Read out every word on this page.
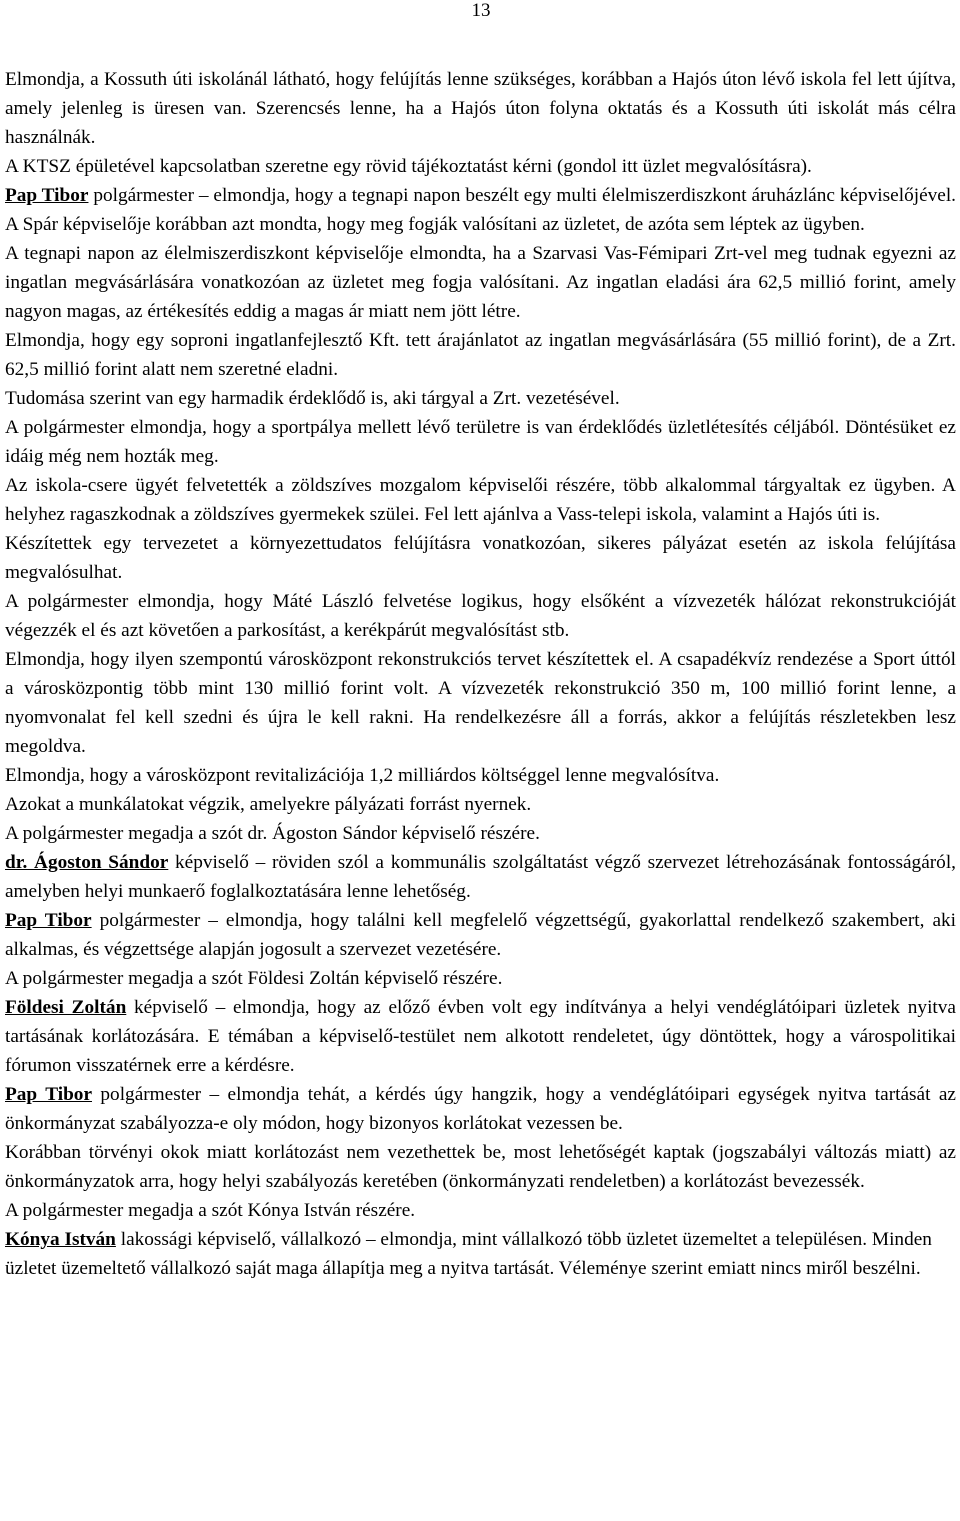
13

Elmondja, a Kossuth úti iskolánál látható, hogy felújítás lenne szükséges, korábban a Hajós úton lévő iskola fel lett újítva, amely jelenleg is üresen van. Szerencsés lenne, ha a Hajós úton folyna oktatás és a Kossuth úti iskolát más célra használnák.

A KTSZ épületével kapcsolatban szeretne egy rövid tájékoztatást kérni (gondol itt üzlet megvalósításra).

Pap Tibor polgármester – elmondja, hogy a tegnapi napon beszélt egy multi élelmiszerdiszkont áruházlánc képviselőjével. A Spár képviselője korábban azt mondta, hogy meg fogják valósítani az üzletet, de azóta sem léptek az ügyben.

A tegnapi napon az élelmiszerdiszkont képviselője elmondta, ha a Szarvasi Vas-Fémipari Zrt-vel meg tudnak egyezni az ingatlan megvásárlására vonatkozóan az üzletet meg fogja valósítani. Az ingatlan eladási ára 62,5 millió forint, amely nagyon magas, az értékesítés eddig a magas ár miatt nem jött létre.

Elmondja, hogy egy soproni ingatlanfejlesztő Kft. tett árajánlatot az ingatlan megvásárlására (55 millió forint), de a Zrt. 62,5 millió forint alatt nem szeretné eladni.

Tudomása szerint van egy harmadik érdeklődő is, aki tárgyal a Zrt. vezetésével.

A polgármester elmondja, hogy a sportpálya mellett lévő területre is van érdeklődés üzletlétesítés céljából. Döntésüket ez idáig még nem hozták meg.

Az iskola-csere ügyét felvetették a zöldszíves mozgalom képviselői részére, több alkalommal tárgyaltak ez ügyben. A helyhez ragaszkodnak a zöldszíves gyermekek szülei. Fel lett ajánlva a Vass-telepi iskola, valamint a Hajós úti is.

Készítettek egy tervezetet a környezettudatos felújításra vonatkozóan, sikeres pályázat esetén az iskola felújítása megvalósulhat.

A polgármester elmondja, hogy Máté László felvetése logikus, hogy elsőként a vízvezeték hálózat rekonstrukcióját végezzék el és azt követően a parkosítást, a kerékpárút megvalósítást stb.

Elmondja, hogy ilyen szempontú városközpont rekonstrukciós tervet készítettek el. A csapadékvíz rendezése a Sport úttól a városközpontig több mint 130 millió forint volt. A vízvezeték rekonstrukció 350 m, 100 millió forint lenne, a nyomvonalat fel kell szedni és újra le kell rakni. Ha rendelkezésre áll a forrás, akkor a felújítás részletekben lesz megoldva.

Elmondja, hogy a városközpont revitalizációja 1,2 milliárdos költséggel lenne megvalósítva.

Azokat a munkálatokat végzik, amelyekre pályázati forrást nyernek.

A polgármester megadja a szót dr. Ágoston Sándor képviselő részére.

dr. Ágoston Sándor képviselő – röviden szól a kommunális szolgáltatást végző szervezet létrehozásának fontosságáról, amelyben helyi munkaerő foglalkoztatására lenne lehetőség.

Pap Tibor polgármester – elmondja, hogy találni kell megfelelő végzettségű, gyakorlattal rendelkező szakembert, aki alkalmas, és végzettsége alapján jogosult a szervezet vezetésére.

A polgármester megadja a szót Földesi Zoltán képviselő részére.

Földesi Zoltán képviselő – elmondja, hogy az előző évben volt egy indítványa a helyi vendéglátóipari üzletek nyitva tartásának korlátozására. E témában a képviselő-testület nem alkotott rendeletet, úgy döntöttek, hogy a várospolitikai fórumon visszatérnek erre a kérdésre.

Pap Tibor polgármester – elmondja tehát, a kérdés úgy hangzik, hogy a vendéglátóipari egységek nyitva tartását az önkormányzat szabályozza-e oly módon, hogy bizonyos korlátokat vezessen be.

Korábban törvényi okok miatt korlátozást nem vezethettek be, most lehetőségét kaptak (jogszabályi változás miatt) az önkormányzatok arra, hogy helyi szabályozás keretében (önkormányzati rendeletben) a korlátozást bevezessék.

A polgármester megadja a szót Kónya István részére.

Kónya István lakossági képviselő, vállalkozó – elmondja, mint vállalkozó több üzletet üzemeltet a településen. Minden üzletet üzemeltető vállalkozó saját maga állapítja meg a nyitva tartását. Véleménye szerint emiatt nincs miről beszélni.
